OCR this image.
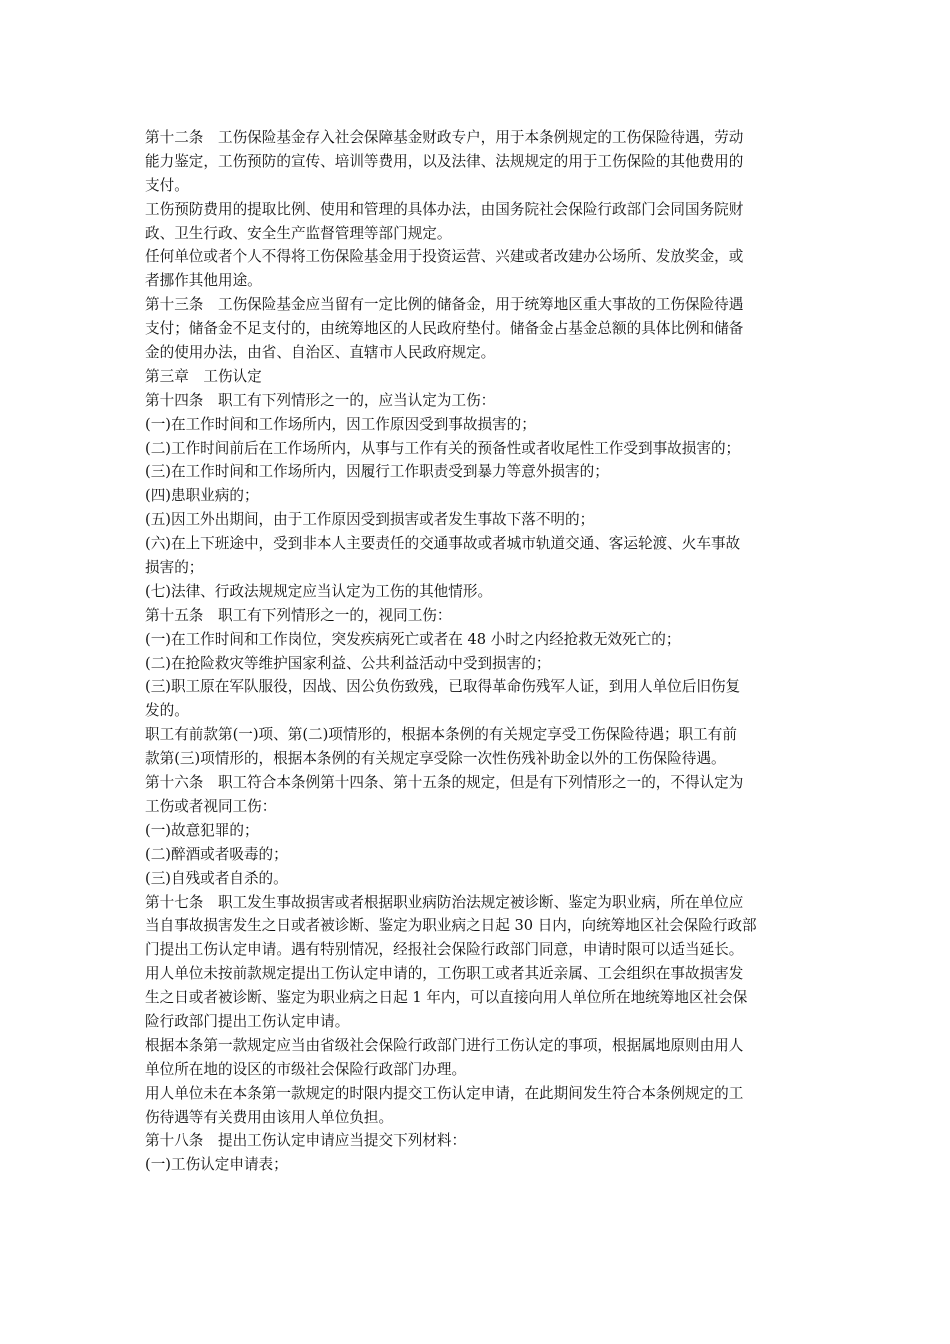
第十二条　工伤保险基金存入社会保障基金财政专户，用于本条例规定的工伤保险待遇，劳动
能力鉴定，工伤预防的宣传、培训等费用，以及法律、法规规定的用于工伤保险的其他费用的
支付。
工伤预防费用的提取比例、使用和管理的具体办法，由国务院社会保险行政部门会同国务院财
政、卫生行政、安全生产监督管理等部门规定。
任何单位或者个人不得将工伤保险基金用于投资运营、兴建或者改建办公场所、发放奖金，或
者挪作其他用途。
第十三条　工伤保险基金应当留有一定比例的储备金，用于统筹地区重大事故的工伤保险待遇
支付；储备金不足支付的，由统筹地区的人民政府垫付。储备金占基金总额的具体比例和储备
金的使用办法，由省、自治区、直辖市人民政府规定。
第三章　工伤认定
第十四条　职工有下列情形之一的，应当认定为工伤：
(一)在工作时间和工作场所内，因工作原因受到事故损害的；
(二)工作时间前后在工作场所内，从事与工作有关的预备性或者收尾性工作受到事故损害的；
(三)在工作时间和工作场所内，因履行工作职责受到暴力等意外损害的；
(四)患职业病的；
(五)因工外出期间，由于工作原因受到损害或者发生事故下落不明的；
(六)在上下班途中，受到非本人主要责任的交通事故或者城市轨道交通、客运轮渡、火车事故
损害的；
(七)法律、行政法规规定应当认定为工伤的其他情形。
第十五条　职工有下列情形之一的，视同工伤：
(一)在工作时间和工作岗位，突发疾病死亡或者在 48 小时之内经抢救无效死亡的；
(二)在抢险救灾等维护国家利益、公共利益活动中受到损害的；
(三)职工原在军队服役，因战、因公负伤致残，已取得革命伤残军人证，到用人单位后旧伤复
发的。
职工有前款第(一)项、第(二)项情形的，根据本条例的有关规定享受工伤保险待遇；职工有前
款第(三)项情形的，根据本条例的有关规定享受除一次性伤残补助金以外的工伤保险待遇。
第十六条　职工符合本条例第十四条、第十五条的规定，但是有下列情形之一的，不得认定为
工伤或者视同工伤：
(一)故意犯罪的；
(二)醉酒或者吸毒的；
(三)自残或者自杀的。
第十七条　职工发生事故损害或者根据职业病防治法规定被诊断、鉴定为职业病，所在单位应
当自事故损害发生之日或者被诊断、鉴定为职业病之日起 30 日内，向统筹地区社会保险行政部
门提出工伤认定申请。遇有特别情况，经报社会保险行政部门同意，申请时限可以适当延长。
用人单位未按前款规定提出工伤认定申请的，工伤职工或者其近亲属、工会组织在事故损害发
生之日或者被诊断、鉴定为职业病之日起 1 年内，可以直接向用人单位所在地统筹地区社会保
险行政部门提出工伤认定申请。
根据本条第一款规定应当由省级社会保险行政部门进行工伤认定的事项，根据属地原则由用人
单位所在地的设区的市级社会保险行政部门办理。
用人单位未在本条第一款规定的时限内提交工伤认定申请，在此期间发生符合本条例规定的工
伤待遇等有关费用由该用人单位负担。
第十八条　提出工伤认定申请应当提交下列材料：
(一)工伤认定申请表；
